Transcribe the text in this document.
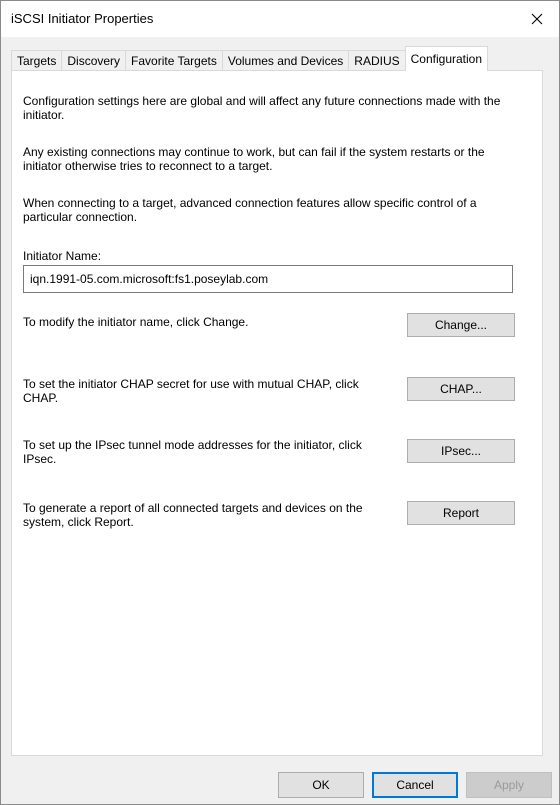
iSCSI Initiator Properties
Targets Discovery Favorite Targets Volumes and Devices RADIUS Configuration

Configuration settings here are global and will affect any future connections made with the initiator.

Any existing connections may continue to work, but can fail if the system restarts or the initiator otherwise tries to reconnect to a target.

When connecting to a target, advanced connection features allow specific control of a particular connection.

Initiator Name:
iqn.1991-05.com.microsoft:fs1.poseylab.com
To modify the initiator name, click Change.	Change...
To set the initiator CHAP secret for use with mutual CHAP, click CHAP.
CHAP...
To set up the IPsec tunnel mode addresses for the initiator, click IPsec.
IPsec...
To generate a report of all connected targets and devices on the system, click Report.
Report
OK	Cancel	Apply
